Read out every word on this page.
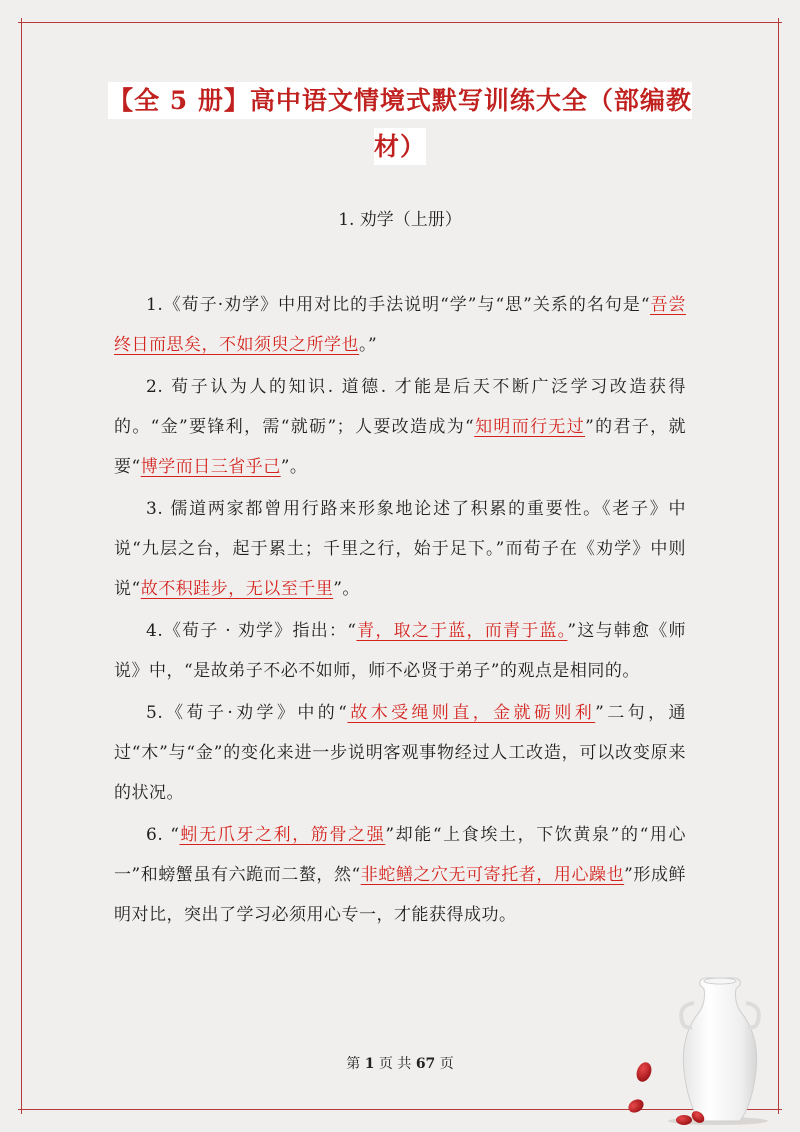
【全 5 册】高中语文情境式默写训练大全（部编教材）
1. 劝学（上册）

1.《荀子·劝学》中用对比的手法说明“学”与“思”关系的名句是“吾尝终日而思矣，不如须臾之所学也。”

2. 荀子认为人的知识. 道德. 才能是后天不断广泛学习改造获得的。“金”要锋利，需“就砺”；人要改造成为“知明而行无过”的君子，就要“博学而日三省乎己”。

3. 儒道两家都曾用行路来形象地论述了积累的重要性。《老子》中说“九层之台，起于累土；千里之行，始于足下。”而荀子在《劝学》中则说“故不积跬步，无以至千里”。

4.《荀子 · 劝学》指出：“青，取之于蓝，而青于蓝。”这与韩愈《师说》中，“是故弟子不必不如师，师不必贤于弟子”的观点是相同的。

5.《荀子·劝学》中的“故木受绳则直，金就砺则利”二句，通过“木”与“金”的变化来进一步说明客观事物经过人工改造，可以改变原来的状况。

6. “蚓无爪牙之利，筋骨之强”却能“上食埃土，下饮黄泉”的“用心一”和螃蟹虽有六跪而二螯，然“非蛇鳝之穴无可寄托者，用心躁也”形成鲜明对比，突出了学习必须用心专一，才能获得成功。

第 1 页 共 67 页
